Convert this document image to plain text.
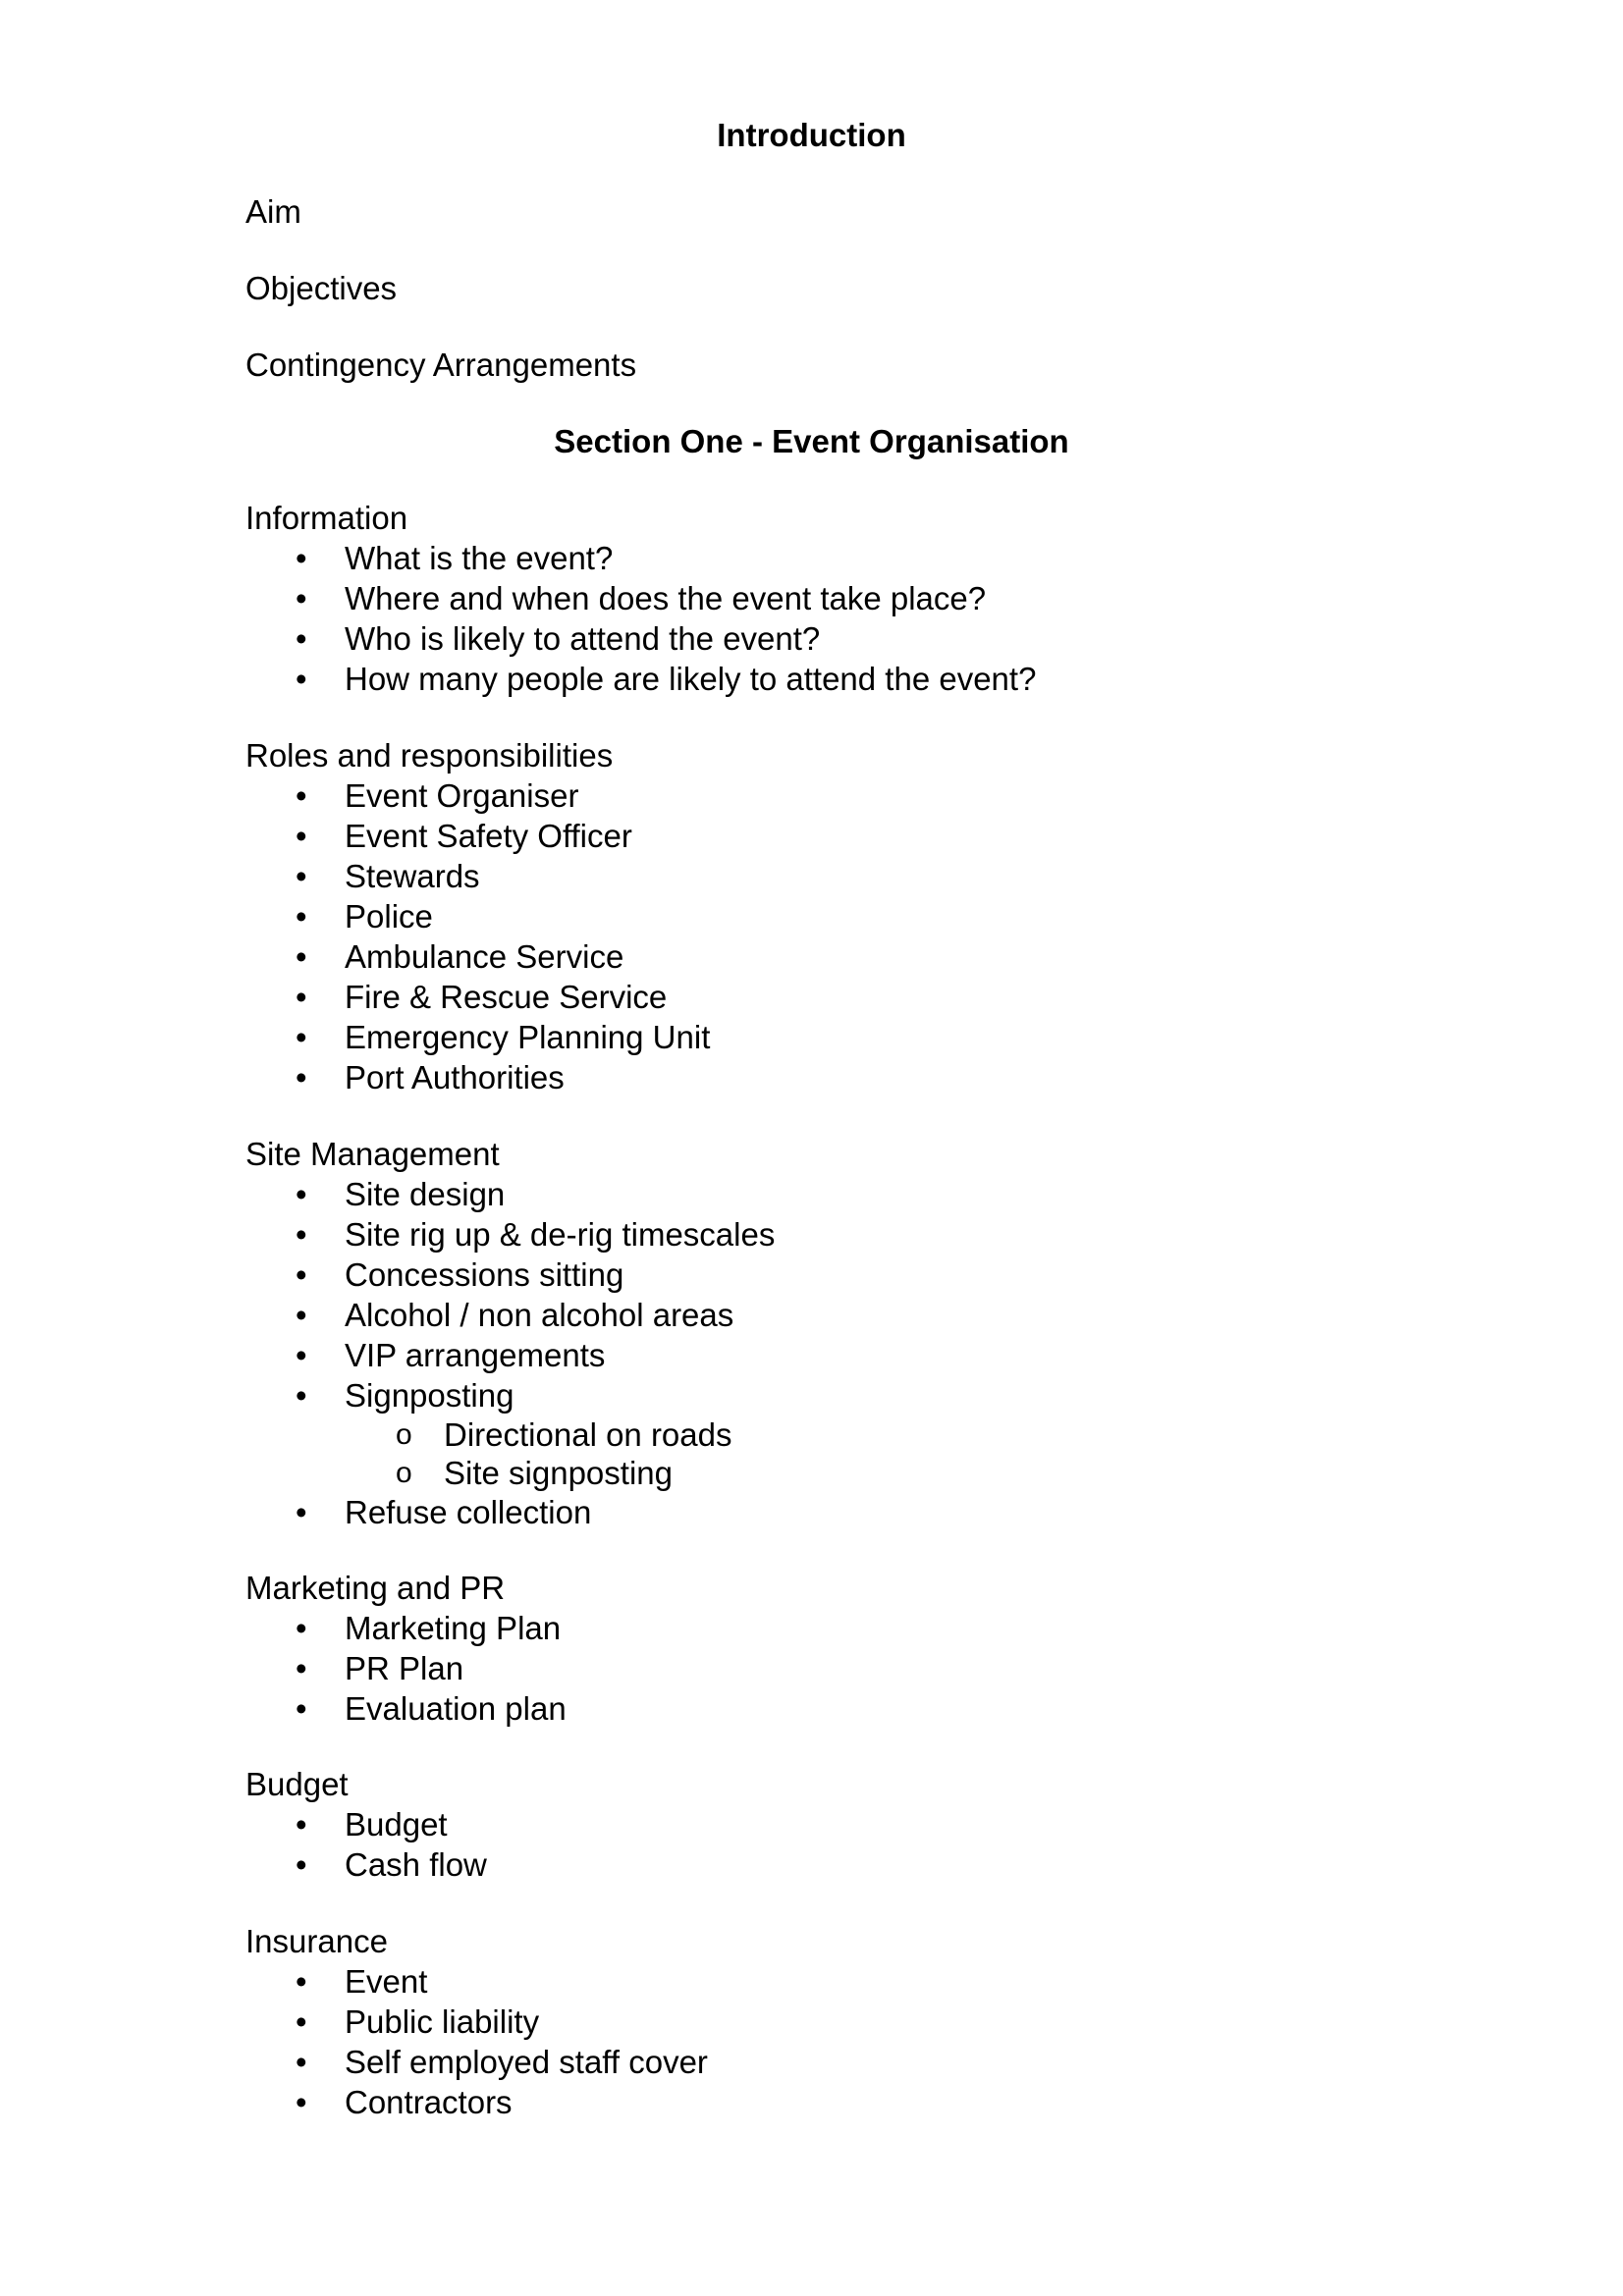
Introduction

Aim

Objectives

Contingency Arrangements

Section One - Event Organisation

Information

• What is the event?
• Where and when does the event take place?
• Who is likely to attend the event?
• How many people are likely to attend the event?

Roles and responsibilities

• Event Organiser
• Event Safety Officer
• Stewards
• Police
• Ambulance Service
• Fire & Rescue Service
• Emergency Planning Unit
• Port Authorities

Site Management

• Site design
• Site rig up & de-rig timescales
• Concessions sitting
• Alcohol / non alcohol areas
• VIP arrangements
• Signposting
o Directional on roads
o Site signposting
• Refuse collection

Marketing and PR

• Marketing Plan
• PR Plan
• Evaluation plan

Budget

• Budget
• Cash flow

Insurance

• Event
• Public liability
• Self employed staff cover
• Contractors
